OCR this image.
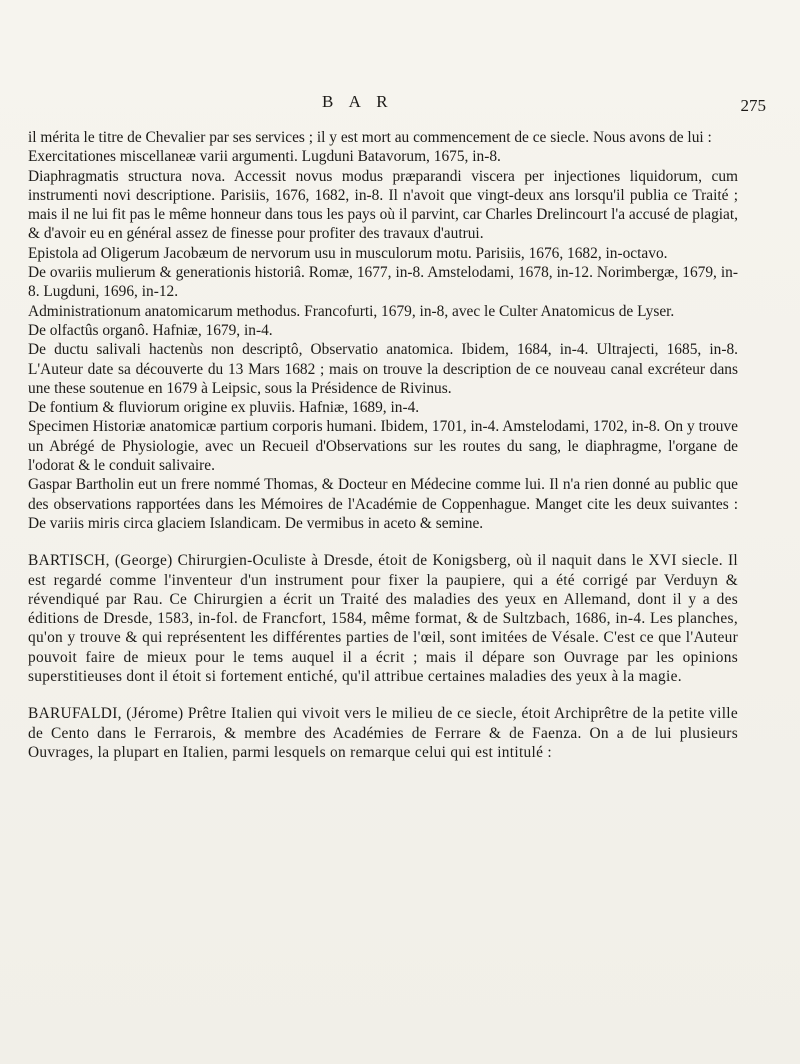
B A R	275

il mérita le titre de Chevalier par ses services ; il y est mort au commencement de ce siecle. Nous avons de lui :

Exercitationes miscellaneæ varii argumenti. Lugduni Batavorum, 1675, in-8.

Diaphragmatis structura nova. Accessit novus modus præparandi viscera per injectiones liquidorum, cum instrumenti novi descriptione. Parisiis, 1676, 1682, in-8. Il n'avoit que vingt-deux ans lorsqu'il publia ce Traité ; mais il ne lui fit pas le même honneur dans tous les pays où il parvint, car Charles Drelincourt l'a accusé de plagiat, & d'avoir eu en général assez de finesse pour profiter des travaux d'autrui.

Epistola ad Oligerum Jacobæum de nervorum usu in musculorum motu. Parisiis, 1676, 1682, in-octavo.

De ovariis mulierum & generationis historiâ. Romæ, 1677, in-8. Amstelodami, 1678, in-12. Norimbergæ, 1679, in-8. Lugduni, 1696, in-12.

Administrationum anatomicarum methodus. Francofurti, 1679, in-8, avec le Culter Anatomicus de Lyser.

De olfactûs organô. Hafniæ, 1679, in-4.

De ductu salivali hactenùs non descriptô, Observatio anatomica. Ibidem, 1684, in-4. Ultrajecti, 1685, in-8. L'Auteur date sa découverte du 13 Mars 1682 ; mais on trouve la description de ce nouveau canal excréteur dans une these soutenue en 1679 à Leipsic, sous la Présidence de Rivinus.

De fontium & fluviorum origine ex pluviis. Hafniæ, 1689, in-4.

Specimen Historiæ anatomicæ partium corporis humani. Ibidem, 1701, in-4. Amstelodami, 1702, in-8. On y trouve un Abrégé de Physiologie, avec un Recueil d'Observations sur les routes du sang, le diaphragme, l'organe de l'odorat & le conduit salivaire.

Gaspar Bartholin eut un frere nommé Thomas, & Docteur en Médecine comme lui. Il n'a rien donné au public que des observations rapportées dans les Mémoires de l'Académie de Coppenhague. Manget cite les deux suivantes : De variis miris circa glaciem Islandicam. De vermibus in aceto & semine.

BARTISCH, (George) Chirurgien-Oculiste à Dresde, étoit de Konigsberg, où il naquit dans le XVI siecle. Il est regardé comme l'inventeur d'un instrument pour fixer la paupiere, qui a été corrigé par Verduyn & révendiqué par Rau. Ce Chirurgien a écrit un Traité des maladies des yeux en Allemand, dont il y a des éditions de Dresde, 1583, in-fol. de Francfort, 1584, même format, & de Sultzbach, 1686, in-4. Les planches, qu'on y trouve & qui représentent les différentes parties de l'œil, sont imitées de Vésale. C'est ce que l'Auteur pouvoit faire de mieux pour le tems auquel il a écrit ; mais il dépare son Ouvrage par les opinions superstitieuses dont il étoit si fortement entiché, qu'il attribue certaines maladies des yeux à la magie.

BARUFALDI, (Jérome) Prêtre Italien qui vivoit vers le milieu de ce siecle, étoit Archiprêtre de la petite ville de Cento dans le Ferrarois, & membre des Académies de Ferrare & de Faenza. On a de lui plusieurs Ouvrages, la plupart en Italien, parmi lesquels on remarque celui qui est intitulé :
